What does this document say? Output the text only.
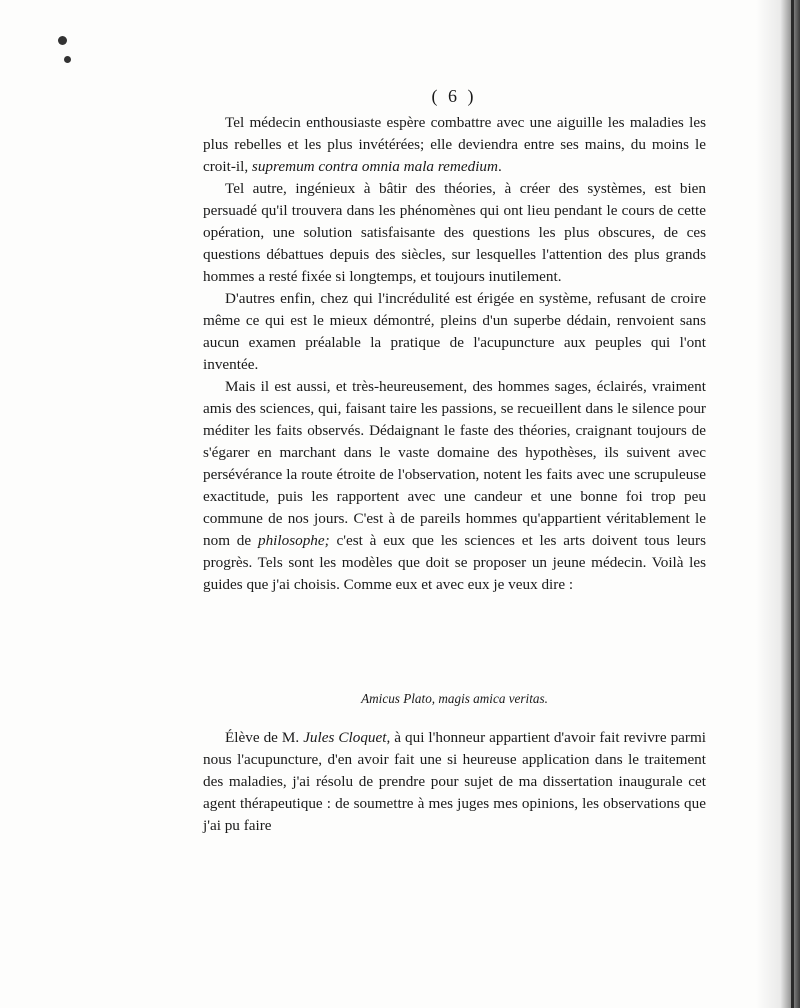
( 6 )

Tel médecin enthousiaste espère combattre avec une aiguille les maladies les plus rebelles et les plus invétérées; elle deviendra entre ses mains, du moins le croit-il, supremum contra omnia mala remedium.

Tel autre, ingénieux à bâtir des théories, à créer des systèmes, est bien persuadé qu'il trouvera dans les phénomènes qui ont lieu pendant le cours de cette opération, une solution satisfaisante des questions les plus obscures, de ces questions débattues depuis des siècles, sur lesquelles l'attention des plus grands hommes a resté fixée si longtemps, et toujours inutilement.

D'autres enfin, chez qui l'incrédulité est érigée en système, refusant de croire même ce qui est le mieux démontré, pleins d'un superbe dédain, renvoient sans aucun examen préalable la pratique de l'acupuncture aux peuples qui l'ont inventée.

Mais il est aussi, et très-heureusement, des hommes sages, éclairés, vraiment amis des sciences, qui, faisant taire les passions, se recueillent dans le silence pour méditer les faits observés. Dédaignant le faste des théories, craignant toujours de s'égarer en marchant dans le vaste domaine des hypothèses, ils suivent avec persévérance la route étroite de l'observation, notent les faits avec une scrupuleuse exactitude, puis les rapportent avec une candeur et une bonne foi trop peu commune de nos jours. C'est à de pareils hommes qu'appartient véritablement le nom de philosophe; c'est à eux que les sciences et les arts doivent tous leurs progrès. Tels sont les modèles que doit se proposer un jeune médecin. Voilà les guides que j'ai choisis. Comme eux et avec eux je veux dire :

Amicus Plato, magis amica veritas.

Élève de M. Jules Cloquet, à qui l'honneur appartient d'avoir fait revivre parmi nous l'acupuncture, d'en avoir fait une si heureuse application dans le traitement des maladies, j'ai résolu de prendre pour sujet de ma dissertation inaugurale cet agent thérapeutique : de soumettre à mes juges mes opinions, les observations que j'ai pu faire
